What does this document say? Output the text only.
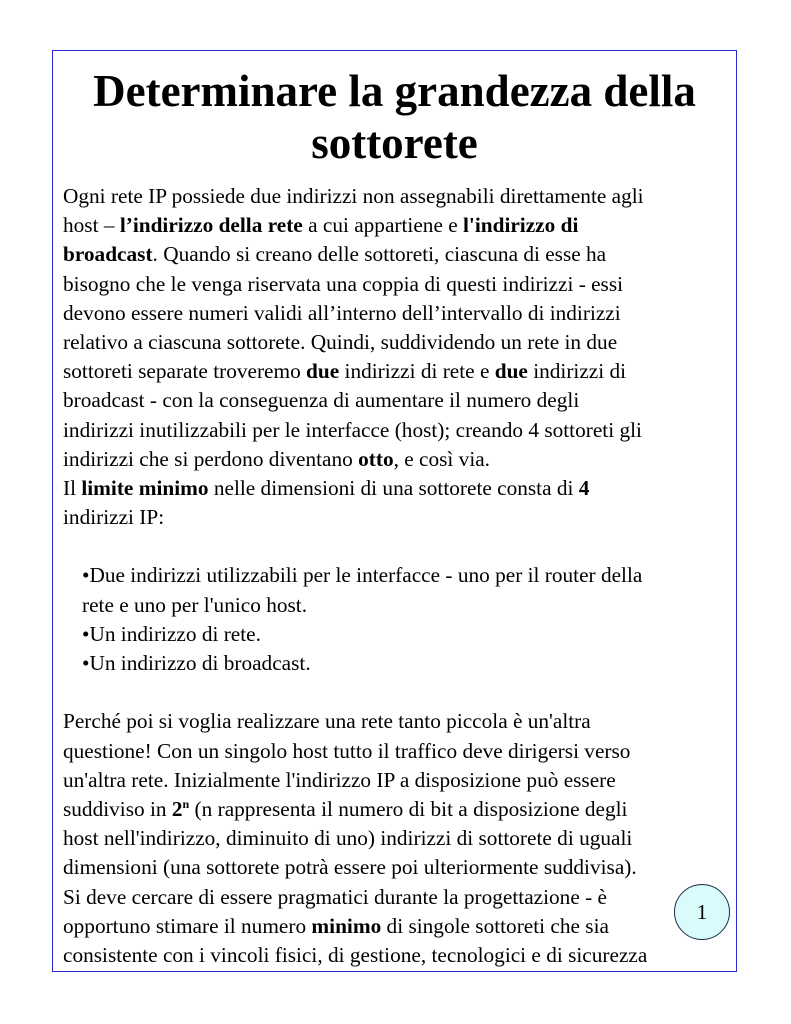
Determinare la grandezza della
sottorete
Ogni rete IP possiede due indirizzi non assegnabili direttamente agli
host – l’indirizzo della rete a cui appartiene e l'indirizzo di
broadcast. Quando si creano delle sottoreti, ciascuna di esse ha
bisogno che le venga riservata una coppia di questi indirizzi - essi
devono essere numeri validi all’interno dell’intervallo di indirizzi
relativo a ciascuna sottorete. Quindi, suddividendo un rete in due
sottoreti separate troveremo due indirizzi di rete e due indirizzi di
broadcast - con la conseguenza di aumentare il numero degli
indirizzi inutilizzabili per le interfacce (host); creando 4 sottoreti gli
indirizzi che si perdono diventano otto, e così via.
Il limite minimo nelle dimensioni di una sottorete consta di 4
indirizzi IP:
•Due indirizzi utilizzabili per le interfacce - uno per il router della
rete e uno per l'unico host.
•Un indirizzo di rete.
•Un indirizzo di broadcast.
Perché poi si voglia realizzare una rete tanto piccola è un'altra
questione! Con un singolo host tutto il traffico deve dirigersi verso
un'altra rete. Inizialmente l'indirizzo IP a disposizione può essere
suddiviso in 2$^n$ (n rappresenta il numero di bit a disposizione degli
host nell'indirizzo, diminuito di uno) indirizzi di sottorete di uguali
dimensioni (una sottorete potrà essere poi ulteriormente suddivisa).
Si deve cercare di essere pragmatici durante la progettazione - è
opportuno stimare il numero minimo di singole sottoreti che sia
consistente con i vincoli fisici, di gestione, tecnologici e di sicurezza
1
